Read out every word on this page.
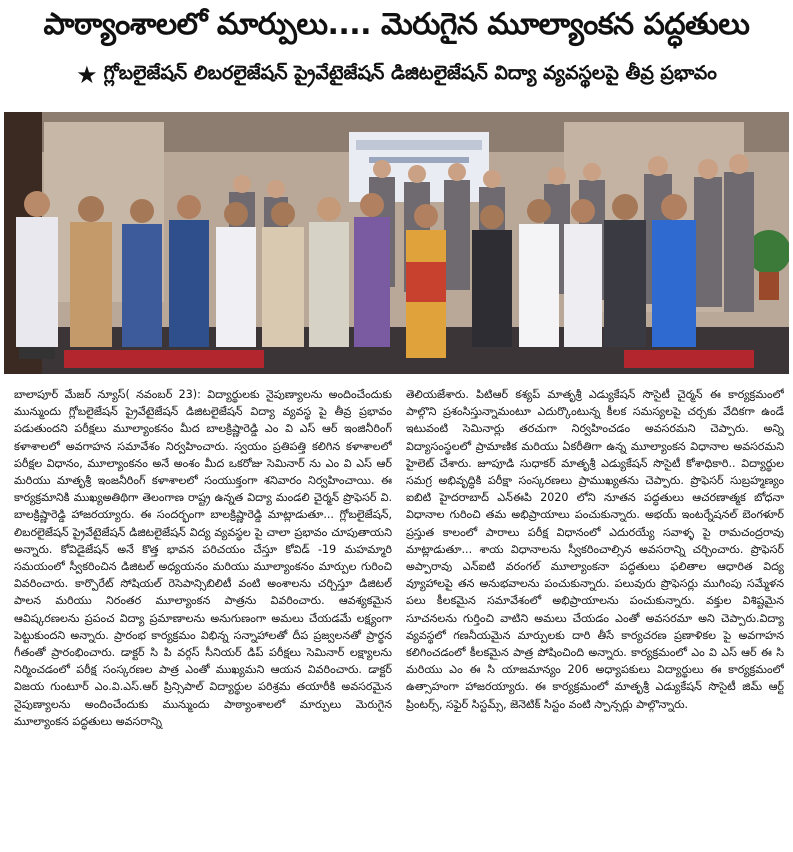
పాఠ్యాంశాలలో మార్పులు.... మెరుగైన మూల్యాంకన పద్ధతులు
★ గ్లోబలైజేషన్ లిబరలైజేషన్ ప్రైవేటైజేషన్ డిజిటలైజేషన్ విద్యా వ్యవస్థలపై తీవ్ర ప్రభావం

బాలాపూర్ మేజర్ న్యూస్( నవంబర్ 23): విద్యార్థులకు నైపుణ్యాలను అందించేందుకు మున్ముందు గ్లోబలైజేషన్ ప్రైవేటైజేషన్ డిజిటలైజేషన్ విద్యా వ్యవస్థ పై తీవ్ర ప్రభావం పడుతుందని పరీక్షలు మూల్యాంకనం మీద బాలక్రిష్ణారెడ్డి ఎం వి ఎస్ ఆర్ ఇంజినీరింగ్ కళాశాలలో అవగాహన సమావేశం నిర్వహించారు. స్వయం ప్రతిపత్తి కలిగిన కళాశాలలో పరీక్షల విధానం, మూల్యాంకనం అనే అంశం మీద ఒకరోజు సెమినార్ ను ఎం వి ఎస్ ఆర్ మరియు మాతృశ్రీ ఇంజనీరింగ్ కళాశాలలో సంయుక్తంగా శనివారం నిర్వహించాయి. ఈ కార్యక్రమానికి ముఖ్యఅతిథిగా తెలంగాణ రాష్ట్ర ఉన్నత విద్యా మండలి చైర్మన్ ప్రొఫెసర్ వి. బాలక్రిష్ణారెడ్డి హాజరయ్యారు. ఈ సందర్భంగా బాలక్రిష్ణారెడ్డి మాట్లాడుతూ... గ్లోబలైజేషన్, లిబరలైజేషన్ ప్రైవేటైజేషన్ డిజిటలైజేషన్ విద్య వ్యవస్థల పై చాలా ప్రభావం చూపుతాయని అన్నారు. కోవిడైజేషన్ అనే కొత్త భావన పరిచయం చేస్తూ కోవిడ్ -19 మహమ్మారి సమయంలో స్వీకరించిన డిజిటల్ అధ్యయనం మరియు మూల్యాంకనం మార్పుల గురించి వివరించారు. కార్పొరేట్ సోషియల్ రెసెపాన్సిబిలిటీ వంటి అంశాలను చర్చిస్తూ డిజిటల్ పాలన మరియు నిరంతర మూల్యాంకన పాత్రను వివరించారు. ఆవశ్యకమైన ఆవిష్కరణలను ప్రపంచ విద్యా ప్రమాణాలను అనుగుణంగా అమలు చేయడమే లక్ష్యంగా పెట్టుకుందని అన్నారు. ప్రారంభ కార్యక్రమం విభిన్న సన్నాహాలతో దీప ప్రజ్వలనతో ప్రార్థన గీతంతో ప్రారంభించారు. డాక్టర్ సి పి వర్గస్ సీనియర్ డిప్ పరీక్షలు సెమినార్ లక్ష్యాలను నిర్మించడంలో పరీక్ష సంస్కరణల పాత్ర ఎంతో ముఖ్యమని ఆయన వివరించారు. డాక్టర్ విజయ గుంటూర్ ఎం.వి.ఎస్.ఆర్ ప్రిన్సిపాల్ విద్యార్థుల పరిశ్రమ తయారీకి అవసరమైన నైపుణ్యాలను అందించేందుకు మున్ముందు పాఠ్యాంశాలలో మార్పులు మెరుగైన మూల్యాంకన పద్ధతులు అవసరాన్ని

తెలియజేశారు. పిటిఆర్ కశ్యప్ మాతృశ్రీ ఎడ్యుకేషన్ సొసైటీ చైర్మన్ ఈ కార్యక్రమంలో పాల్గొని ప్రశంసిస్తున్నామంటూ ఎదుర్కొంటున్న కీలక సమస్యలపై చర్చకు వేదికగా ఉండే ఇటువంటి సెమినార్లు తరచుగా నిర్వహించడం అవసరమని చెప్పారు. అన్ని విద్యాసంస్థలలో ప్రామాణిక మరియు ఏకరీతిగా ఉన్న మూల్యాంకన విధానాల అవసరమని హైలెట్ చేశారు. జూపూడి సుధాకర్ మాతృశ్రీ ఎడ్యుకేషన్ సొసైటీ కోశాధికారి.. విద్యార్థుల సమగ్ర అభివృద్ధికి పరీక్షా సంస్కరణలు ప్రాముఖ్యతను చెప్పారు. ప్రొఫెసర్ సుబ్రహ్మణ్యం ఐబిటి హైదరాబాద్ ఎన్ఈపి 2020 లోని నూతన పద్ధతులు ఆచరణాత్మక బోధనా విధానాల గురించి తమ అభిప్రాయాలు పంచుకున్నారు. అభయ్ ఇంటర్నేషనల్ బెంగళూర్ ప్రస్తుత కాలంలో పారాలు పరీక్ష విధానంలో ఎదురయ్యే సవాళ్ళ పై రామచంద్రరావు మాట్లాడుతూ... శాయ విధానాలను స్వీకరించాల్సిన అవసరాన్ని చర్చించారు. ప్రొఫెసర్ అప్పారావు ఎన్ఐటి వరంగల్ మూల్యాంకనా పద్ధతులు ఫలితాల ఆధారిత విద్య వ్యూహాలపై తన అనుభవాలను పంచుకున్నారు. పలువురు ప్రొఫెసర్లు ముగింపు సమ్మేళన పలు కీలకమైన సమావేశంలో అభిప్రాయాలను పంచుకున్నారు. వక్తుల విశిష్టమైన సూచనలను గుర్తించి వాటిని అమలు చేయడం ఎంతో అవసరమా అని చెప్పారు.విద్యా వ్యవస్థలో గణనీయమైన మార్పులకు దారి తీసే కార్యచరణ ప్రణాళికల పై అవగాహన కలిగించడంలో కీలకమైన పాత్ర పోషించింది అన్నారు. కార్యక్రమంలో ఎం వి ఎస్ ఆర్ ఈ సి మరియు ఎం ఈ సి యాజమాన్యం 206 అధ్యాపకులు విద్యార్థులు ఈ కార్యక్రమంలో ఉత్సాహంగా హాజరయ్యారు. ఈ కార్యక్రమంలో మాతృశ్రీ ఎడ్యుకేషన్ సొసైటీ జిమ్ ఆర్ట్ ప్రింటర్స్, సఫైర్ సిస్టమ్స్, జెనెటిక్ సిస్టం వంటి స్పాన్సర్లు పాల్గొన్నారు.
